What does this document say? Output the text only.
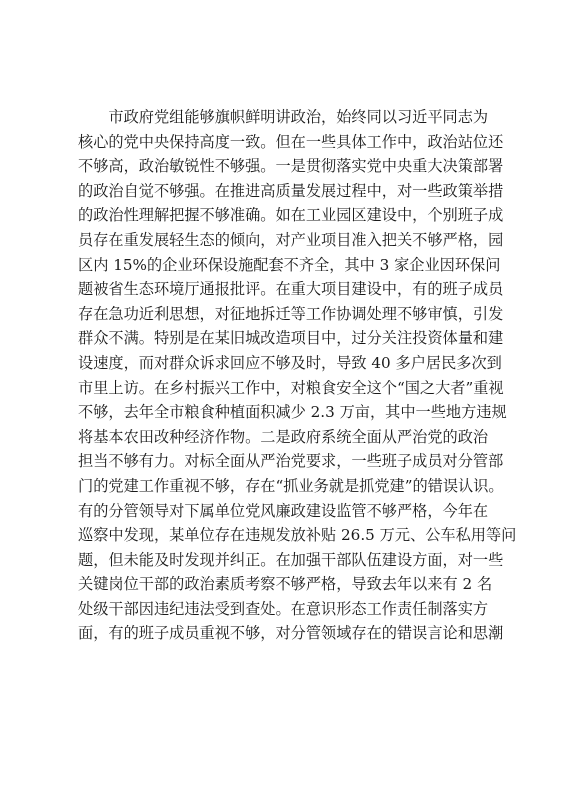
　　市政府党组能够旗帜鲜明讲政治，始终同以习近平同志为
核心的党中央保持高度一致。但在一些具体工作中，政治站位还
不够高，政治敏锐性不够强。一是贯彻落实党中央重大决策部署
的政治自觉不够强。在推进高质量发展过程中，对一些政策举措
的政治性理解把握不够准确。如在工业园区建设中，个别班子成
员存在重发展轻生态的倾向，对产业项目准入把关不够严格，园
区内 15%的企业环保设施配套不齐全，其中 3 家企业因环保问
题被省生态环境厅通报批评。在重大项目建设中，有的班子成员
存在急功近利思想，对征地拆迁等工作协调处理不够审慎，引发
群众不满。特别是在某旧城改造项目中，过分关注投资体量和建
设速度，而对群众诉求回应不够及时，导致 40 多户居民多次到
市里上访。在乡村振兴工作中，对粮食安全这个“国之大者”重视
不够，去年全市粮食种植面积减少 2.3 万亩，其中一些地方违规
将基本农田改种经济作物。二是政府系统全面从严治党的政治
担当不够有力。对标全面从严治党要求，一些班子成员对分管部
门的党建工作重视不够，存在“抓业务就是抓党建”的错误认识。
有的分管领导对下属单位党风廉政建设监管不够严格，今年在
巡察中发现，某单位存在违规发放补贴 26.5 万元、公车私用等问
题，但未能及时发现并纠正。在加强干部队伍建设方面，对一些
关键岗位干部的政治素质考察不够严格，导致去年以来有 2 名
处级干部因违纪违法受到查处。在意识形态工作责任制落实方
面，有的班子成员重视不够，对分管领域存在的错误言论和思潮
